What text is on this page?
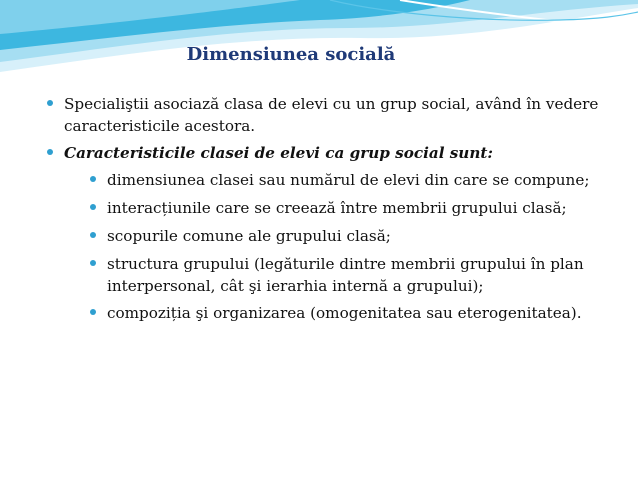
Dimensiunea socială
Specialiştii asociază clasa de elevi cu un grup social, având în vedere caracteristicile acestora.
Caracteristicile clasei de elevi ca grup social sunt:
dimensiunea clasei sau numărul de elevi din care se compune;
interacțiunile care se creează între membrii grupului clasă;
scopurile comune ale grupului clasă;
structura grupului (legăturile dintre membrii grupului în plan interpersonal, cât şi ierarhia internă a grupului);
compoziția şi organizarea (omogenitatea sau eterogenitatea).
